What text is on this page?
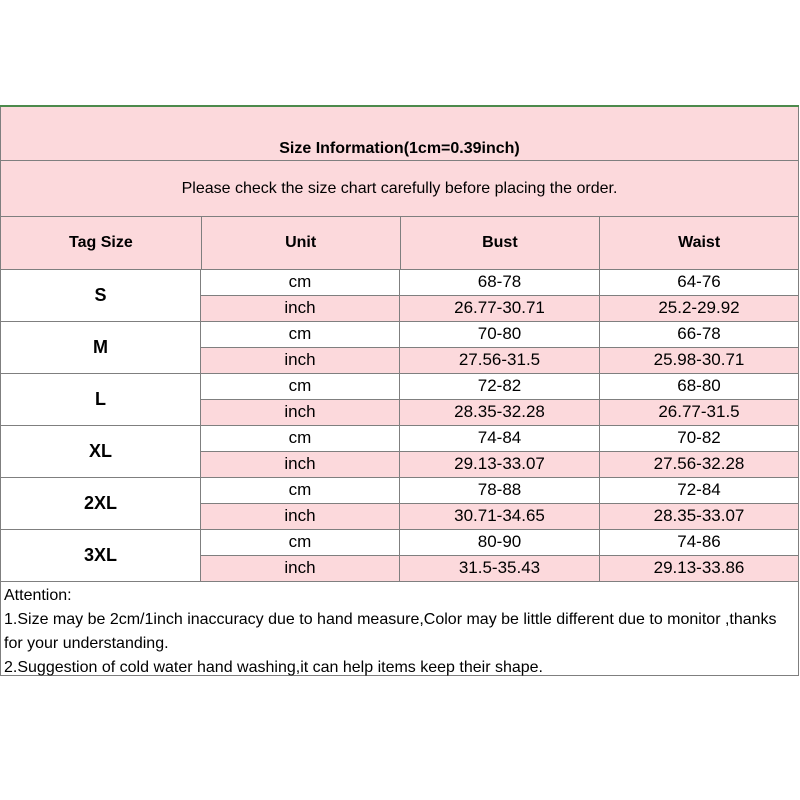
Size Information(1cm=0.39inch)
Please check the size chart carefully before placing the order.
Tag Size	Unit	Bust	Waist
S
cm	68-78	64-76
inch	26.77-30.71	25.2-29.92
M
cm	70-80	66-78
inch	27.56-31.5	25.98-30.71
L
cm	72-82	68-80
inch	28.35-32.28	26.77-31.5
XL
cm	74-84	70-82
inch	29.13-33.07	27.56-32.28
2XL
cm	78-88	72-84
inch	30.71-34.65	28.35-33.07
3XL
cm	80-90	74-86
inch	31.5-35.43	29.13-33.86

Attention:

1.Size may be 2cm/1inch inaccuracy due to hand measure,Color may be little different due to monitor ,thanks for your understanding.

2.Suggestion of cold water hand washing,it can help items keep their shape.
